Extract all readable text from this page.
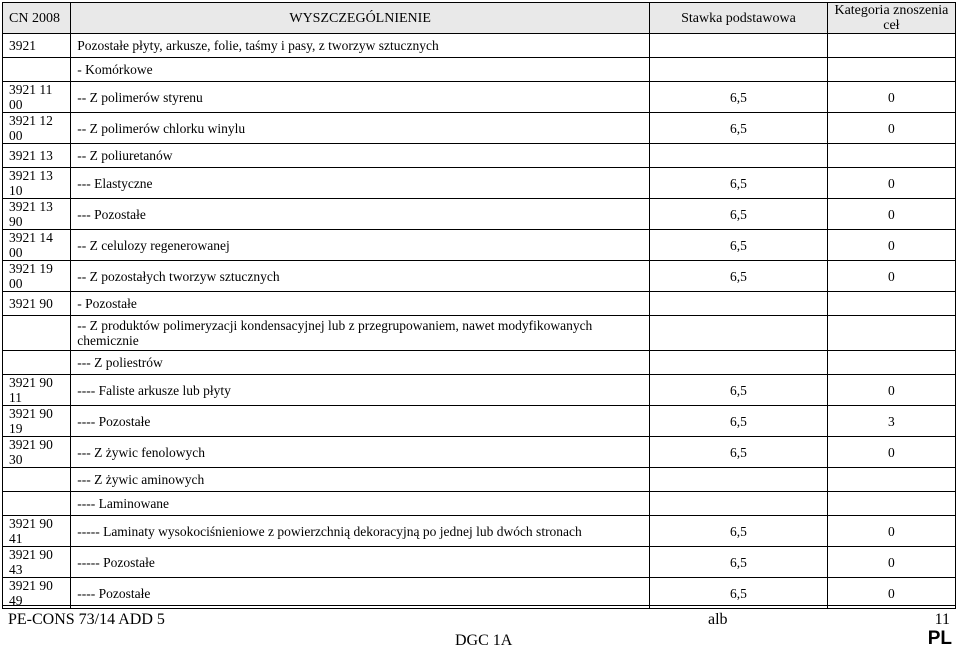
CN 2008	WYSZCZEGÓLNIENIE	Stawka podstawowa	Kategoria znoszenia ceł
3921	Pozostałe płyty, arkusze, folie, taśmy i pasy, z tworzyw sztucznych		
	- Komórkowe		
3921 11 00	-- Z polimerów styrenu	6,5	0
3921 12 00	-- Z polimerów chlorku winylu	6,5	0
3921 13	-- Z poliuretanów		
3921 13 10	--- Elastyczne	6,5	0
3921 13 90	--- Pozostałe	6,5	0
3921 14 00	-- Z celulozy regenerowanej	6,5	0
3921 19 00	-- Z pozostałych tworzyw sztucznych	6,5	0
3921 90	- Pozostałe		
	-- Z produktów polimeryzacji kondensacyjnej lub z przegrupowaniem, nawet modyfikowanych chemicznie		
	--- Z poliestrów		
3921 90 11	---- Faliste arkusze lub płyty	6,5	0
3921 90 19	---- Pozostałe	6,5	3
3921 90 30	--- Z żywic fenolowych	6,5	0
	--- Z żywic aminowych		
	---- Laminowane		
3921 90 41	----- Laminaty wysokociśnieniowe z powierzchnią dekoracyjną po jednej lub dwóch stronach	6,5	0
3921 90 43	----- Pozostałe	6,5	0
3921 90 49	---- Pozostałe	6,5	0
PE-CONS 73/14 ADD 5	alb	11
DGC 1A	PL
